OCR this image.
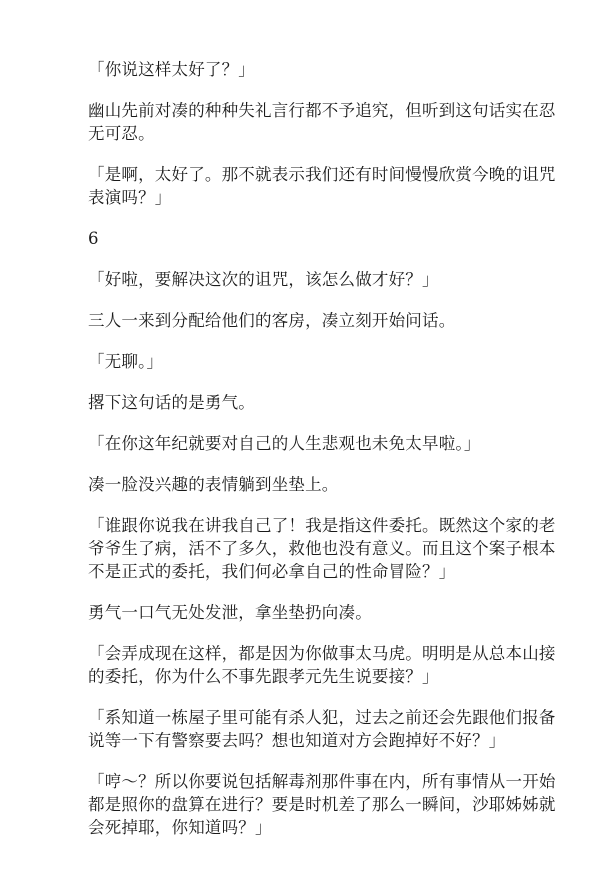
「你说这样太好了？」

幽山先前对凑的种种失礼言行都不予追究，但听到这句话实在忍无可忍。

「是啊，太好了。那不就表示我们还有时间慢慢欣赏今晚的诅咒表演吗？」

6

「好啦，要解决这次的诅咒，该怎么做才好？」

三人一来到分配给他们的客房，凑立刻开始问话。

「无聊。」

撂下这句话的是勇气。

「在你这年纪就要对自己的人生悲观也未免太早啦。」

凑一脸没兴趣的表情躺到坐垫上。

「谁跟你说我在讲我自己了！我是指这件委托。既然这个家的老爷爷生了病，活不了多久，救他也没有意义。而且这个案子根本不是正式的委托，我们何必拿自己的性命冒险？」

勇气一口气无处发泄，拿坐垫扔向凑。

「会弄成现在这样，都是因为你做事太马虎。明明是从总本山接的委托，你为什么不事先跟孝元先生说要接？」

「系知道一栋屋子里可能有杀人犯，过去之前还会先跟他们报备说等一下有警察要去吗？想也知道对方会跑掉好不好？」

「哼～？所以你要说包括解毒剂那件事在内，所有事情从一开始都是照你的盘算在进行？要是时机差了那么一瞬间，沙耶姊姊就会死掉耶，你知道吗？」
